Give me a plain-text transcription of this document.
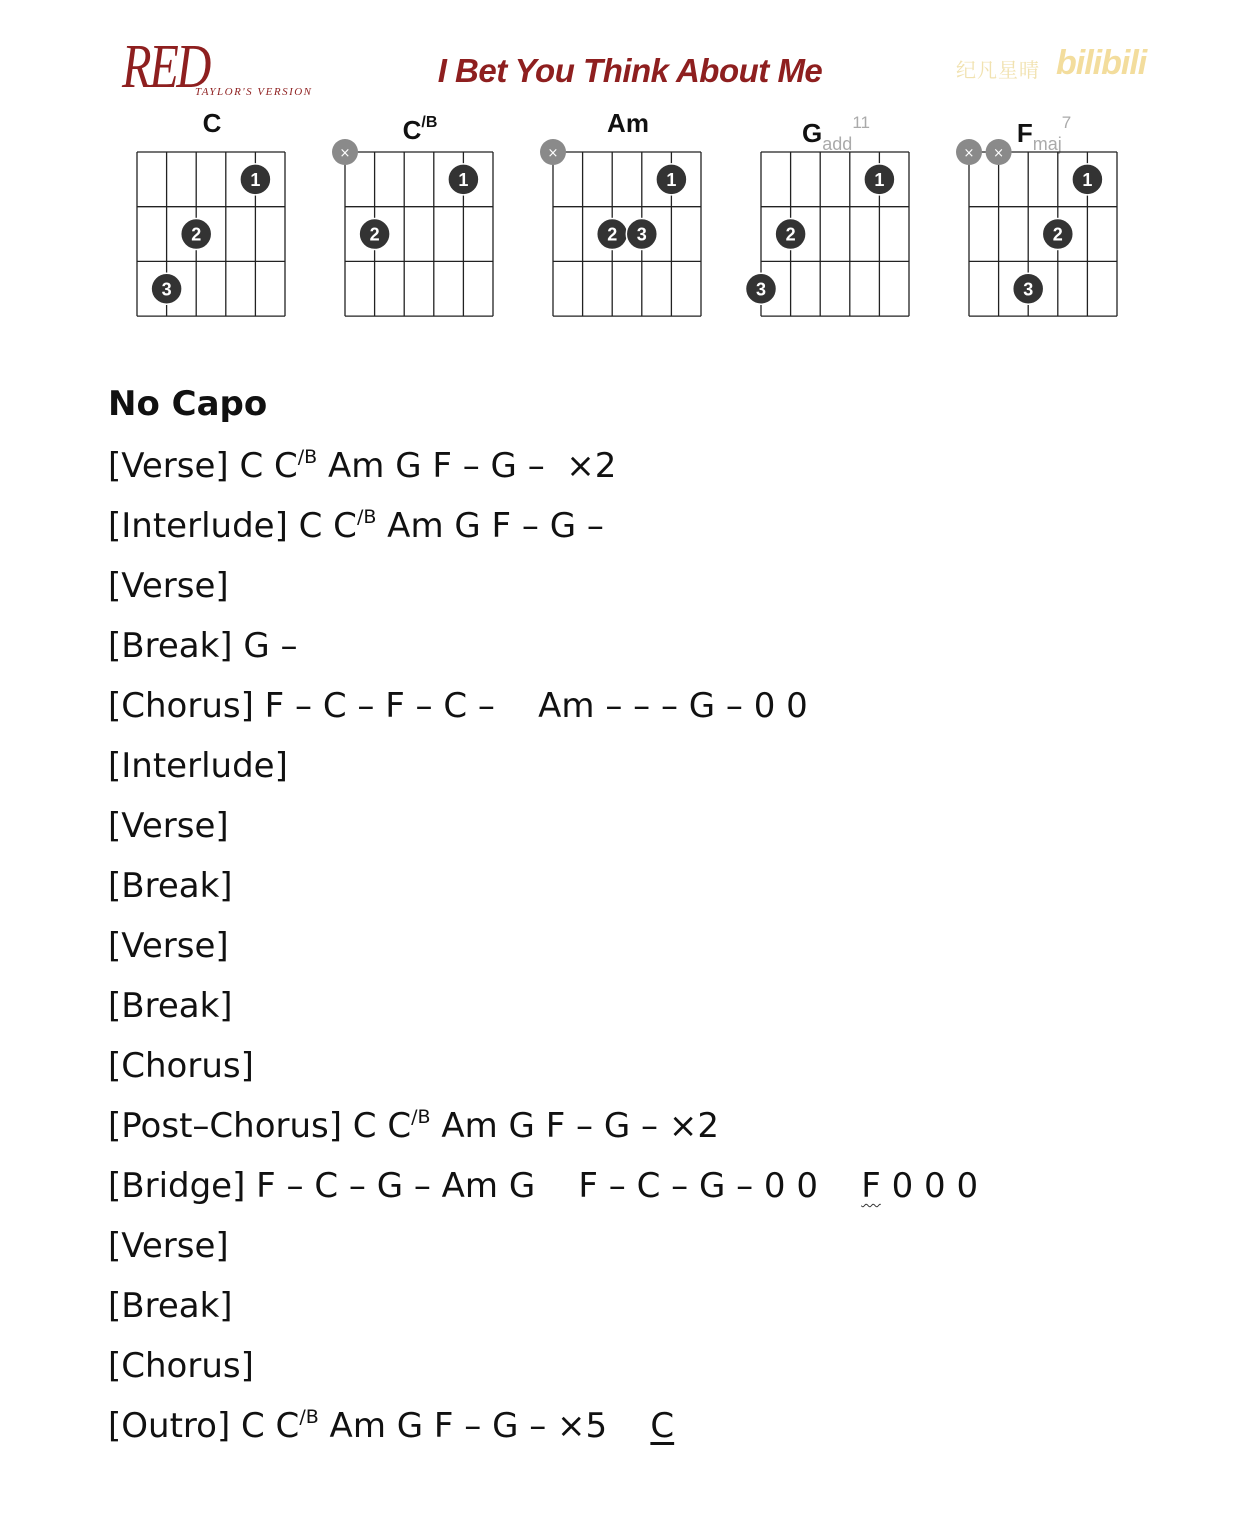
RED
TAYLOR'S VERSION
I Bet You Think About Me	纪凡星晴 bilibili
C
1
2
3
$C^{/B}$
×
1
2
Am
×
1
2 3
$G_{add}^{11}$
1
2
3
$F_{maj}^7$
× ×
1
2
3
No Capo
[Verse] C $C^{/B}$ Am G F – G –  ×2
[Interlude] C $C^{/B}$ Am G F – G –
[Verse]
[Break] G –
[Chorus] F – C – F – C –    Am – – – G – 0 0
[Interlude]
[Verse]
[Break]
[Verse]
[Break]
[Chorus]
[Post–Chorus] C $C^{/B}$ Am G F – G – ×2
[Bridge] F – C – G – Am G    F – C – G – 0 0    F 0 0 0
[Verse]
[Break]
[Chorus]
[Outro] C $C^{/B}$ Am G F – G – ×5    C
